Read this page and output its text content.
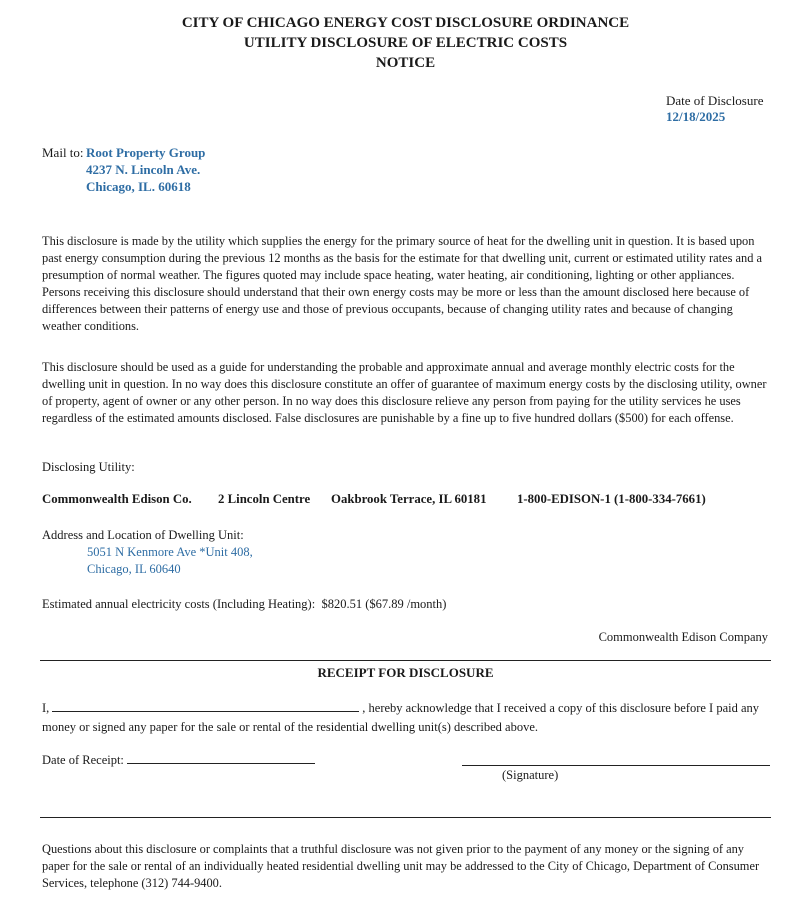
CITY OF CHICAGO ENERGY COST DISCLOSURE ORDINANCE
UTILITY DISCLOSURE OF ELECTRIC COSTS
NOTICE
Date of Disclosure
12/18/2025
Mail to: Root Property Group
4237 N. Lincoln Ave.
Chicago, IL. 60618
This disclosure is made by the utility which supplies the energy for the primary source of heat for the dwelling unit in question. It is based upon past energy consumption during the previous 12 months as the basis for the estimate for that dwelling unit, current or estimated utility rates and a presumption of normal weather. The figures quoted may include space heating, water heating, air conditioning, lighting or other appliances. Persons receiving this disclosure should understand that their own energy costs may be more or less than the amount disclosed here because of differences between their patterns of energy use and those of previous occupants, because of changing utility rates and because of changing weather conditions.
This disclosure should be used as a guide for understanding the probable and approximate annual and average monthly electric costs for the dwelling unit in question. In no way does this disclosure constitute an offer of guarantee of maximum energy costs by the disclosing utility, owner of property, agent of owner or any other person. In no way does this disclosure relieve any person from paying for the utility services he uses regardless of the estimated amounts disclosed. False disclosures are punishable by a fine up to five hundred dollars ($500) for each offense.
Disclosing Utility:
Commonwealth Edison Co. 2 Lincoln Centre Oakbrook Terrace, IL 60181 1-800-EDISON-1 (1-800-334-7661)
Address and Location of Dwelling Unit:
5051 N Kenmore Ave *Unit 408,
Chicago, IL 60640
Estimated annual electricity costs (Including Heating): $820.51 ($67.89 /month)
Commonwealth Edison Company
RECEIPT FOR DISCLOSURE
I,	, hereby acknowledge that I received a copy of this disclosure before I paid any money or signed any paper for the sale or rental of the residential dwelling unit(s) described above.
Date of Receipt:
(Signature)
Questions about this disclosure or complaints that a truthful disclosure was not given prior to the payment of any money or the signing of any paper for the sale or rental of an individually heated residential dwelling unit may be addressed to the City of Chicago, Department of Consumer Services, telephone (312) 744-9400.
